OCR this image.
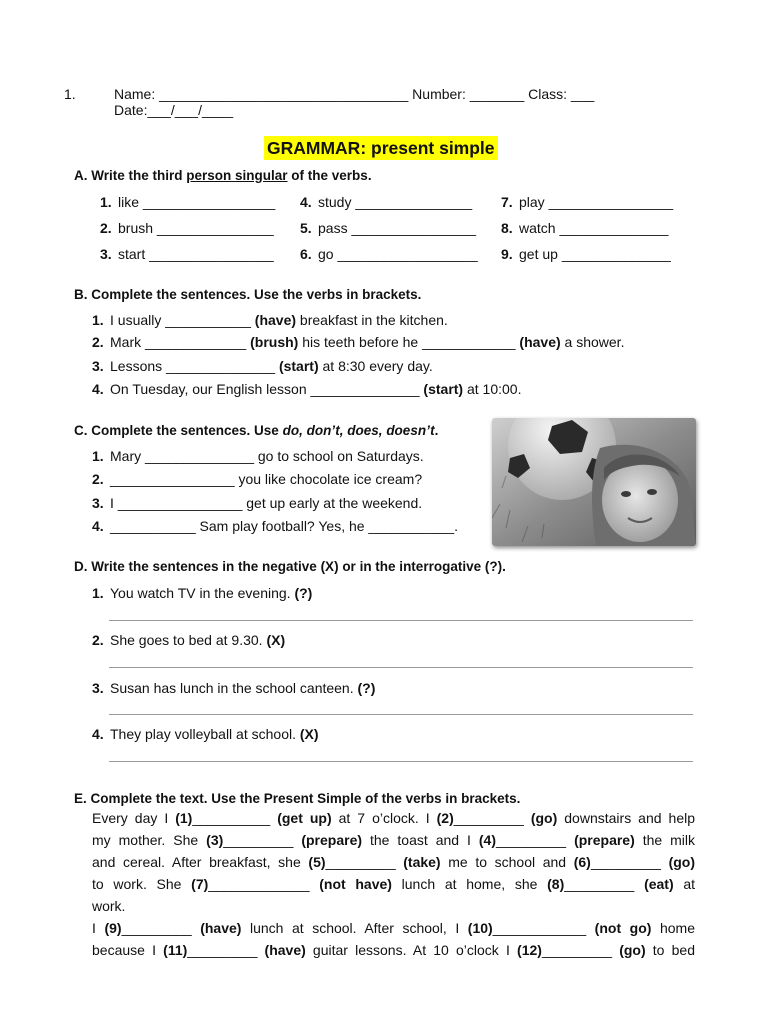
1.	Name: ________________________________ Number: _______ Class: ___
Date:___/___/____
GRAMMAR: present simple
A. Write the third person singular of the verbs.
1. like _________________ 4. study _______________ 7. play ________________
2. brush _______________ 5. pass ________________ 8. watch ______________
3. start ________________ 6. go __________________ 9. get up ______________
B. Complete the sentences. Use the verbs in brackets.
1. I usually ___________ (have) breakfast in the kitchen.
2. Mark _____________ (brush) his teeth before he ____________ (have) a shower.
3. Lessons ______________ (start) at 8:30 every day.
4. On Tuesday, our English lesson ______________ (start) at 10:00.
C. Complete the sentences. Use do, don’t, does, doesn’t.
1. Mary ______________ go to school on Saturdays.
2. ________________ you like chocolate ice cream?
3. I ________________ get up early at the weekend.
4. ___________ Sam play football? Yes, he ___________.
D. Write the sentences in the negative (X) or in the interrogative (?).
1. You watch TV in the evening. (?)
2. She goes to bed at 9.30. (X)
3. Susan has lunch in the school canteen. (?)
4. They play volleyball at school. (X)
E. Complete the text. Use the Present Simple of the verbs in brackets.
Every day I (1)__________ (get up) at 7 o’clock. I (2)_________ (go) downstairs and help
my mother. She (3)_________ (prepare) the toast and I (4)_________ (prepare) the milk
and cereal. After breakfast, she (5)_________ (take) me to school and (6)_________ (go)
to work. She (7)_____________ (not have) lunch at home, she (8)_________ (eat) at
work.
I (9)_________ (have) lunch at school. After school, I (10)____________ (not go) home
because I (11)_________ (have) guitar lessons. At 10 o’clock I (12)_________ (go) to bed
